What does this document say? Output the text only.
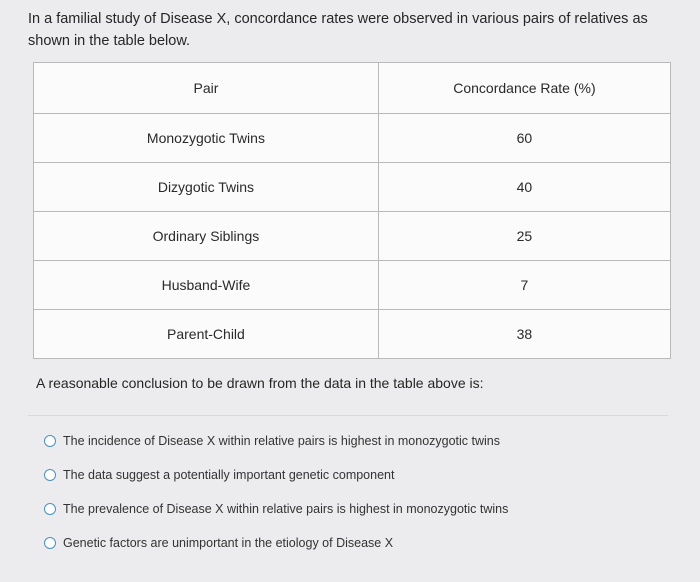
In a familial study of Disease X, concordance rates were observed in various pairs of relatives as
shown in the table below.
Pair	Concordance Rate (%)
Monozygotic Twins	60
Dizygotic Twins	40
Ordinary Siblings	25
Husband-Wife	7
Parent-Child	38
A reasonable conclusion to be drawn from the data in the table above is:
The incidence of Disease X within relative pairs is highest in monozygotic twins
The data suggest a potentially important genetic component
The prevalence of Disease X within relative pairs is highest in monozygotic twins
Genetic factors are unimportant in the etiology of Disease X
